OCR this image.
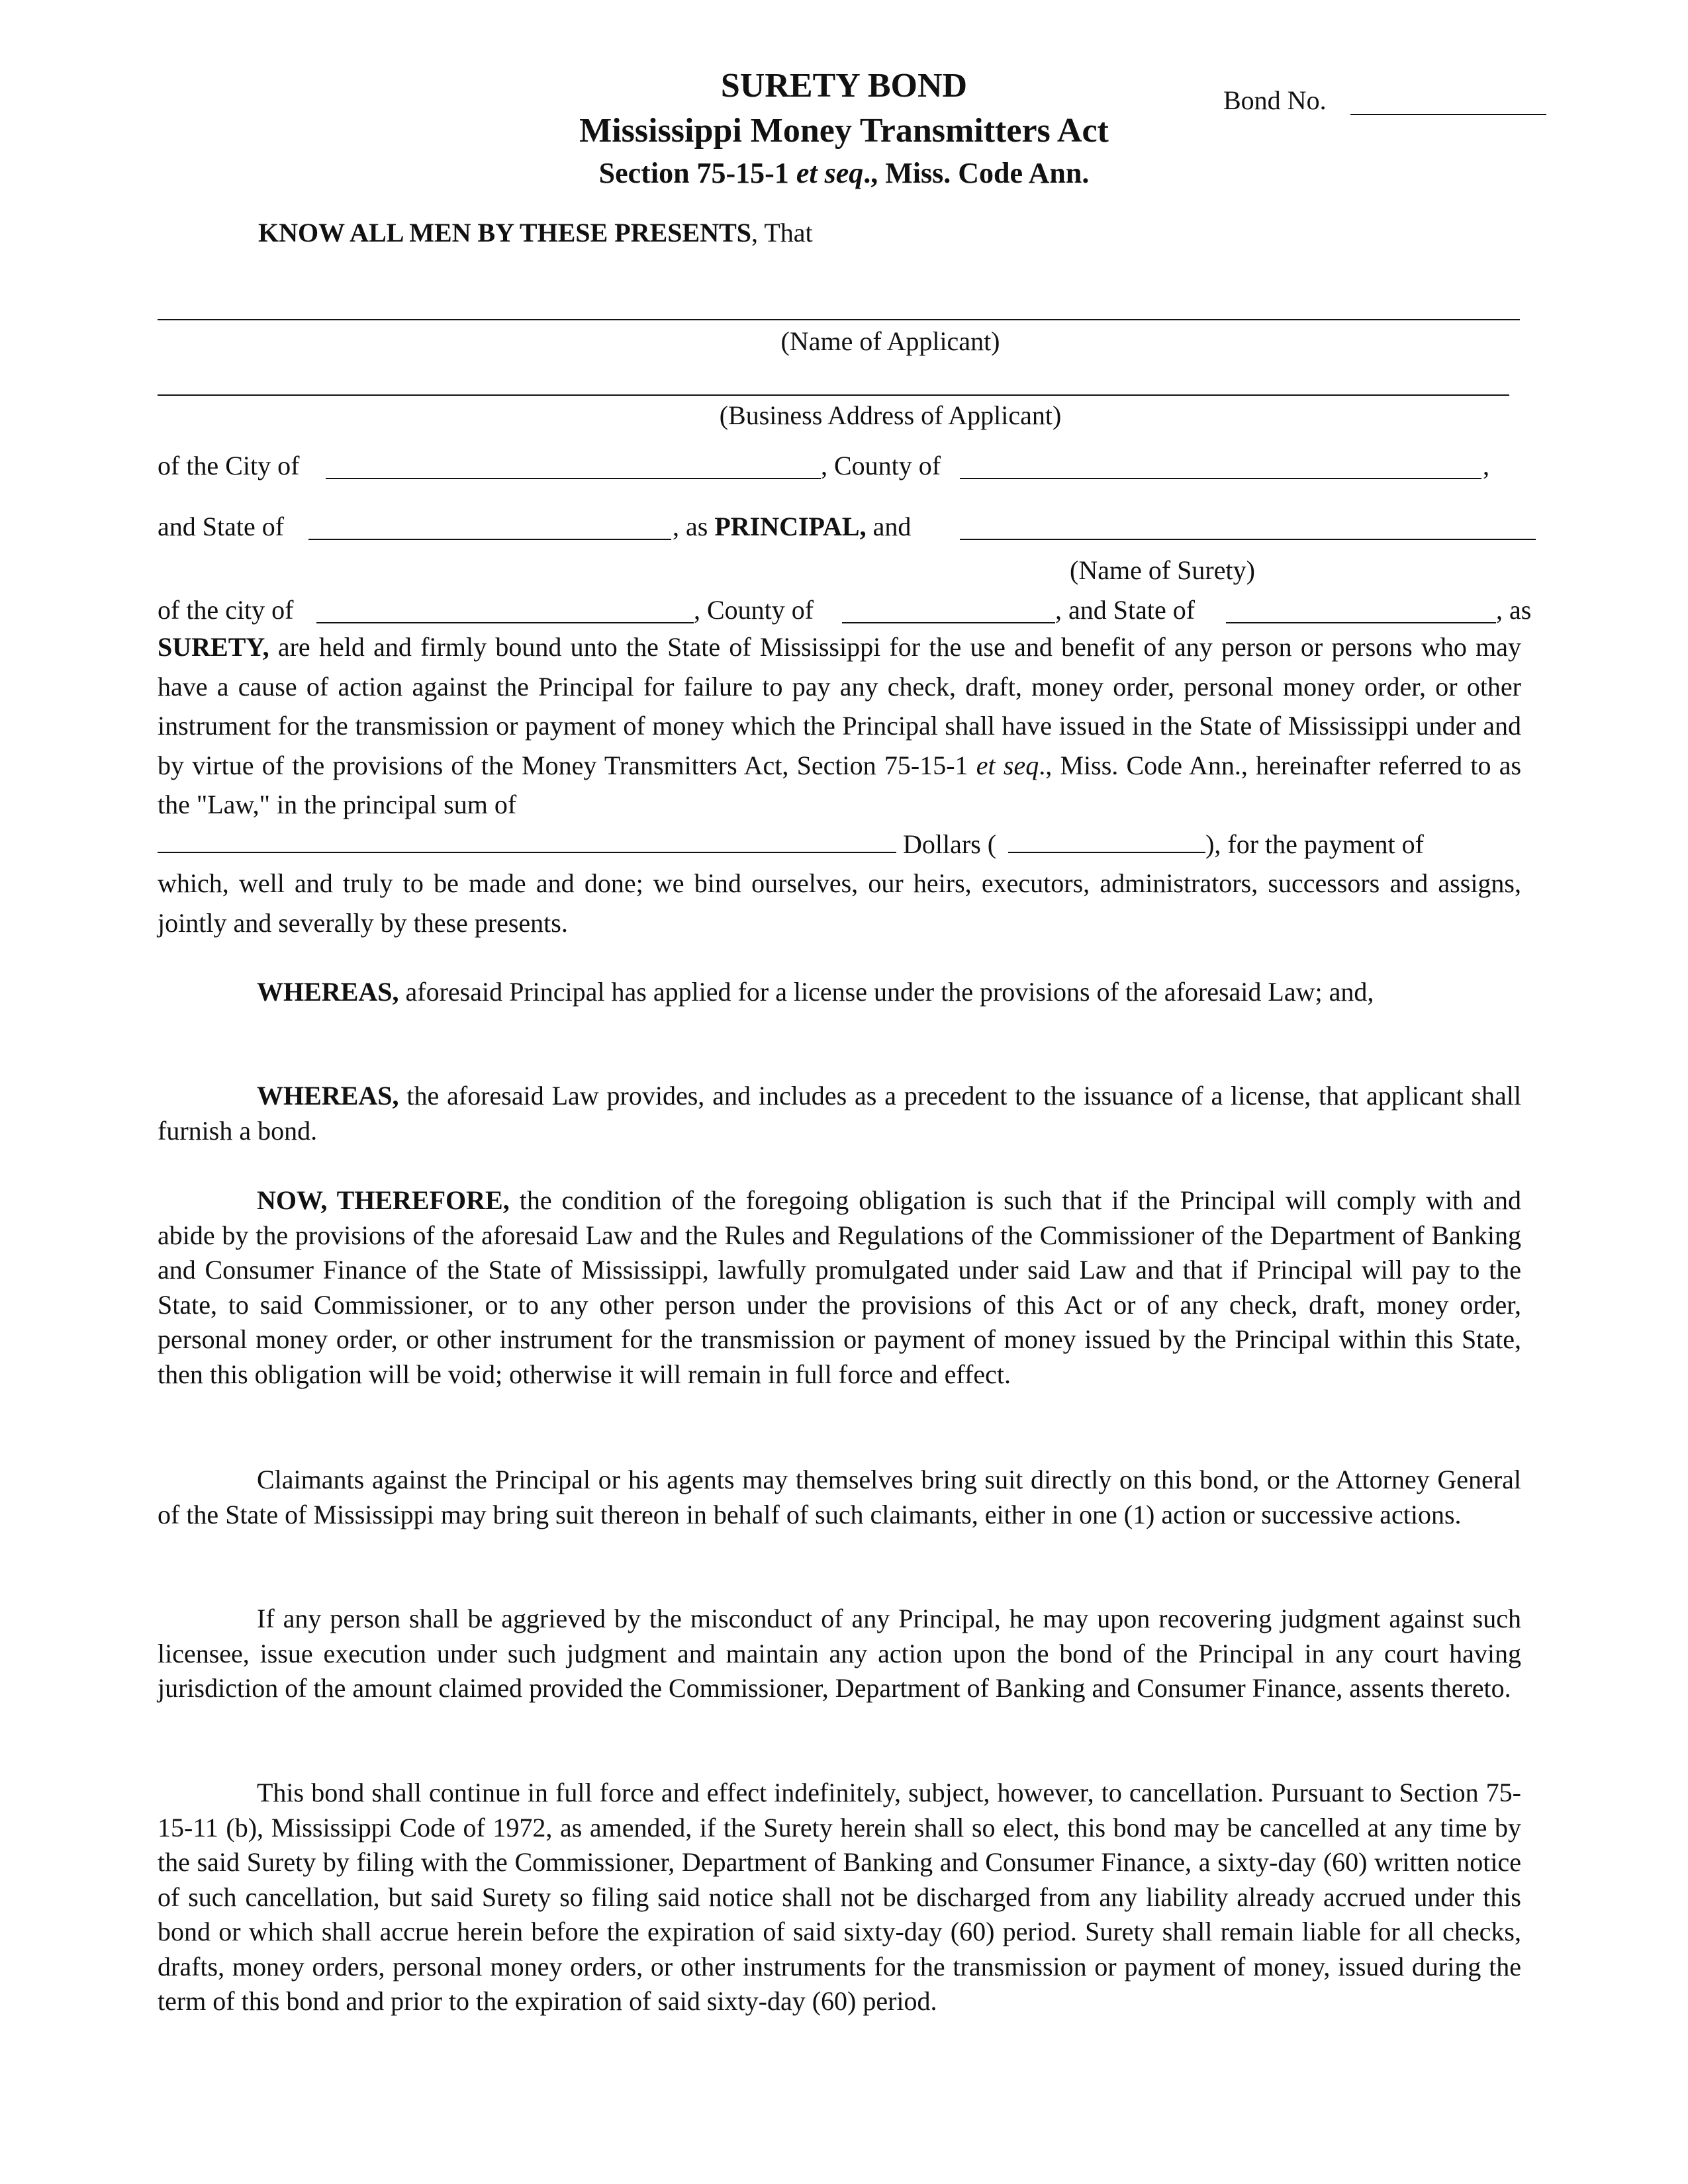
SURETY BOND
Mississippi Money Transmitters Act
Section 75-15-1 et seq., Miss. Code Ann.
Bond No.
KNOW ALL MEN BY THESE PRESENTS, That
(Name of Applicant)
(Business Address of Applicant)
of the City of	, County of	,
and State of	, as PRINCIPAL, and
(Name of Surety)
of the city of	, County of	, and State of	, as
SURETY, are held and firmly bound unto the State of Mississippi for the use and benefit of any person or persons who may have a cause of action against the Principal for failure to pay any check, draft, money order, personal money order, or other instrument for the transmission or payment of money which the Principal shall have issued in the State of Mississippi under and by virtue of the provisions of the Money Transmitters Act, Section 75-15-1 et seq., Miss. Code Ann., hereinafter referred to as the "Law," in the principal sum of
Dollars (	), for the payment of
which, well and truly to be made and done; we bind ourselves, our heirs, executors, administrators, successors and assigns, jointly and severally by these presents.
WHEREAS, aforesaid Principal has applied for a license under the provisions of the aforesaid Law; and,
WHEREAS, the aforesaid Law provides, and includes as a precedent to the issuance of a license, that applicant shall furnish a bond.
NOW, THEREFORE, the condition of the foregoing obligation is such that if the Principal will comply with and abide by the provisions of the aforesaid Law and the Rules and Regulations of the Commissioner of the Department of Banking and Consumer Finance of the State of Mississippi, lawfully promulgated under said Law and that if Principal will pay to the State, to said Commissioner, or to any other person under the provisions of this Act or of any check, draft, money order, personal money order, or other instrument for the transmission or payment of money issued by the Principal within this State, then this obligation will be void; otherwise it will remain in full force and effect.
Claimants against the Principal or his agents may themselves bring suit directly on this bond, or the Attorney General of the State of Mississippi may bring suit thereon in behalf of such claimants, either in one (1) action or successive actions.
If any person shall be aggrieved by the misconduct of any Principal, he may upon recovering judgment against such licensee, issue execution under such judgment and maintain any action upon the bond of the Principal in any court having jurisdiction of the amount claimed provided the Commissioner, Department of Banking and Consumer Finance, assents thereto.
This bond shall continue in full force and effect indefinitely, subject, however, to cancellation. Pursuant to Section 75-15-11 (b), Mississippi Code of 1972, as amended, if the Surety herein shall so elect, this bond may be cancelled at any time by the said Surety by filing with the Commissioner, Department of Banking and Consumer Finance, a sixty-day (60) written notice of such cancellation, but said Surety so filing said notice shall not be discharged from any liability already accrued under this bond or which shall accrue herein before the expiration of said sixty-day (60) period. Surety shall remain liable for all checks, drafts, money orders, personal money orders, or other instruments for the transmission or payment of money, issued during the term of this bond and prior to the expiration of said sixty-day (60) period.
